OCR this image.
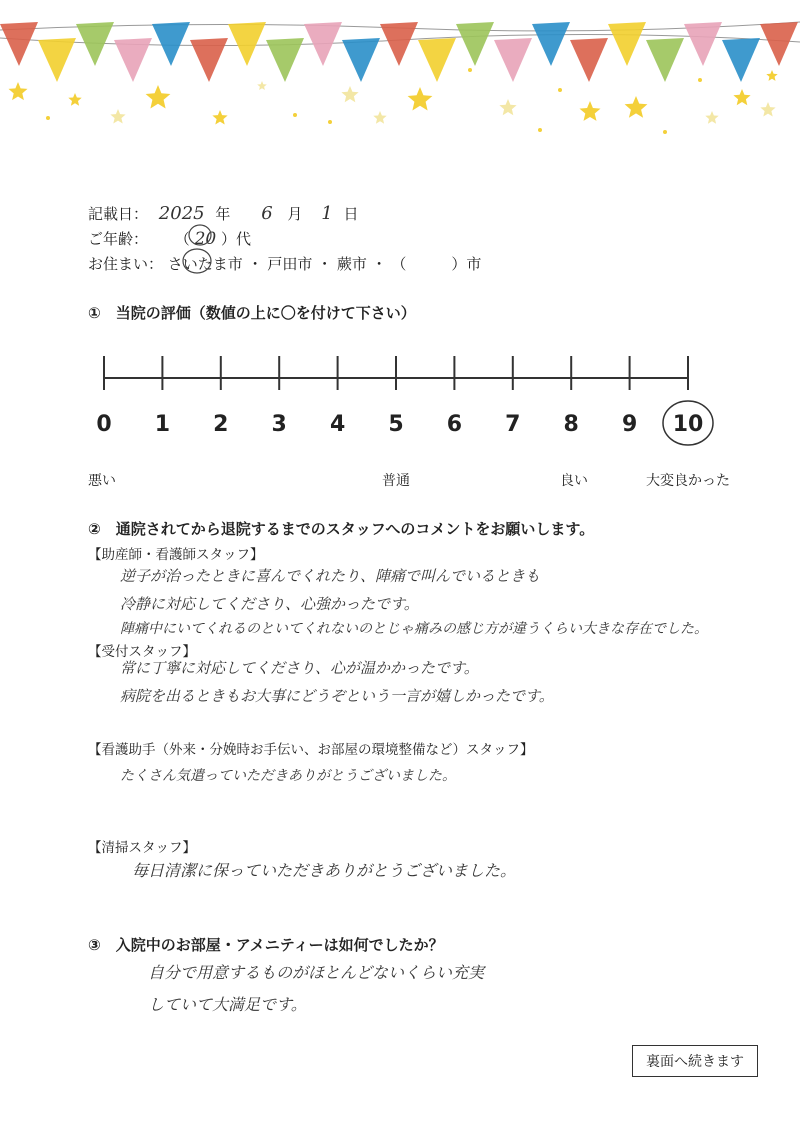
記載日： 2025 年 6 月 1 日
ご年齢： （ 20 ）代
お住まい： さいたま市 ・ 戸田市 ・ 蕨市 ・ （　　　）市
①　当院の評価（数値の上に〇を付けて下さい）
0 1 2 3 4 5 6 7 8 9 10
悪い	普通	良い	大変良かった
②　通院されてから退院するまでのスタッフへのコメントをお願いします。
【助産師・看護師スタッフ】
逆子が治ったときに喜んでくれたり、陣痛で叫んでいるときも
冷静に対応してくださり、心強かったです。
陣痛中にいてくれるのといてくれないのとじゃ痛みの感じ方が違うくらい大きな存在でした。
【受付スタッフ】
常に丁寧に対応してくださり、心が温かかったです。
病院を出るときもお大事にどうぞという一言が嬉しかったです。
【看護助手（外来・分娩時お手伝い、お部屋の環境整備など）スタッフ】
たくさん気遣っていただきありがとうございました。
【清掃スタッフ】
毎日清潔に保っていただきありがとうございました。
③　入院中のお部屋・アメニティーは如何でしたか？
自分で用意するものがほとんどないくらい充実
していて大満足です。
裏面へ続きます
